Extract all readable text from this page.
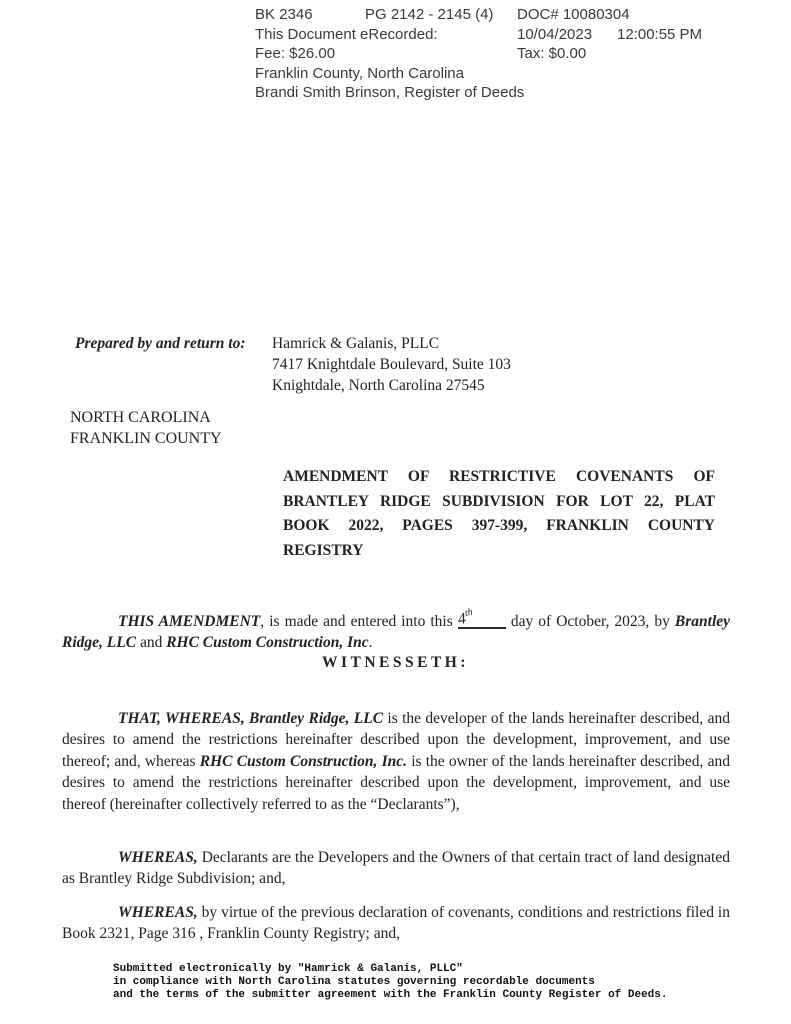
BK 2346	PG 2142 - 2145 (4) DOC# 10080304
This Document eRecorded:	10/04/2023 12:00:55 PM
Fee: $26.00	Tax: $0.00
Franklin County, North Carolina
Brandi Smith Brinson, Register of Deeds
Prepared by and return to:	Hamrick & Galanis, PLLC
7417 Knightdale Boulevard, Suite 103
Knightdale, North Carolina 27545
NORTH CAROLINA
FRANKLIN COUNTY
AMENDMENT OF RESTRICTIVE COVENANTS OF BRANTLEY RIDGE SUBDIVISION FOR LOT 22, PLAT BOOK 2022, PAGES 397-399, FRANKLIN COUNTY REGISTRY

THIS AMENDMENT, is made and entered into this 4th day of October, 2023, by Brantley Ridge, LLC and RHC Custom Construction, Inc.

WITNESSETH:

THAT, WHEREAS, Brantley Ridge, LLC is the developer of the lands hereinafter described, and desires to amend the restrictions hereinafter described upon the development, improvement, and use thereof; and, whereas RHC Custom Construction, Inc. is the owner of the lands hereinafter described, and desires to amend the restrictions hereinafter described upon the development, improvement, and use thereof (hereinafter collectively referred to as the “Declarants”),

WHEREAS, Declarants are the Developers and the Owners of that certain tract of land designated as Brantley Ridge Subdivision; and,

WHEREAS, by virtue of the previous declaration of covenants, conditions and restrictions filed in Book 2321, Page 316 , Franklin County Registry; and,

Submitted electronically by "Hamrick & Galanis, PLLC"
in compliance with North Carolina statutes governing recordable documents
and the terms of the submitter agreement with the Franklin County Register of Deeds.
